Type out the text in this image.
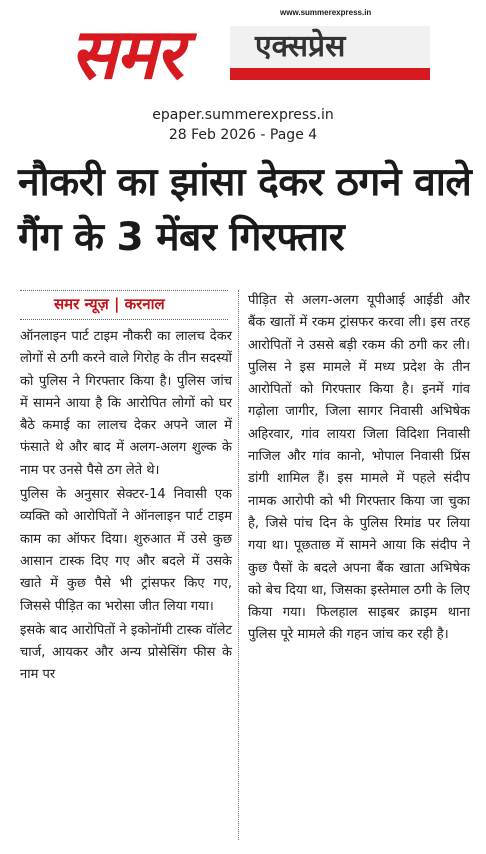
www.summerexpress.in
समर	एक्सप्रेस
epaper.summerexpress.in
28 Feb 2026 - Page 4
नौकरी का झांसा देकर ठगने वाले गैंग के 3 मेंबर गिरफ्तार
समर न्यूज़ | करनाल

ऑनलाइन पार्ट टाइम नौकरी का लालच देकर लोगों से ठगी करने वाले गिरोह के तीन सदस्यों को पुलिस ने गिरफ्तार किया है। पुलिस जांच में सामने आया है कि आरोपित लोगों को घर बैठे कमाई का लालच देकर अपने जाल में फंसाते थे और बाद में अलग-अलग शुल्क के नाम पर उनसे पैसे ठग लेते थे।

पुलिस के अनुसार सेक्टर-14 निवासी एक व्यक्ति को आरोपितों ने ऑनलाइन पार्ट टाइम काम का ऑफर दिया। शुरुआत में उसे कुछ आसान टास्क दिए गए और बदले में उसके खाते में कुछ पैसे भी ट्रांसफर किए गए, जिससे पीड़ित का भरोसा जीत लिया गया।

इसके बाद आरोपितों ने इकोनॉमी टास्क वॉलेट चार्ज, आयकर और अन्य प्रोसेसिंग फीस के नाम पर

पीड़ित से अलग-अलग यूपीआई आईडी और बैंक खातों में रकम ट्रांसफर करवा ली। इस तरह आरोपितों ने उससे बड़ी रकम की ठगी कर ली। पुलिस ने इस मामले में मध्य प्रदेश के तीन आरोपितों को गिरफ्तार किया है। इनमें गांव गढ़ोला जागीर, जिला सागर निवासी अभिषेक अहिरवार, गांव लायरा जिला विदिशा निवासी नाजिल और गांव कानो, भोपाल निवासी प्रिंस डांगी शामिल हैं। इस मामले में पहले संदीप नामक आरोपी को भी गिरफ्तार किया जा चुका है, जिसे पांच दिन के पुलिस रिमांड पर लिया गया था। पूछताछ में सामने आया कि संदीप ने कुछ पैसों के बदले अपना बैंक खाता अभिषेक को बेच दिया था, जिसका इस्तेमाल ठगी के लिए किया गया। फिलहाल साइबर क्राइम थाना पुलिस पूरे मामले की गहन जांच कर रही है।
